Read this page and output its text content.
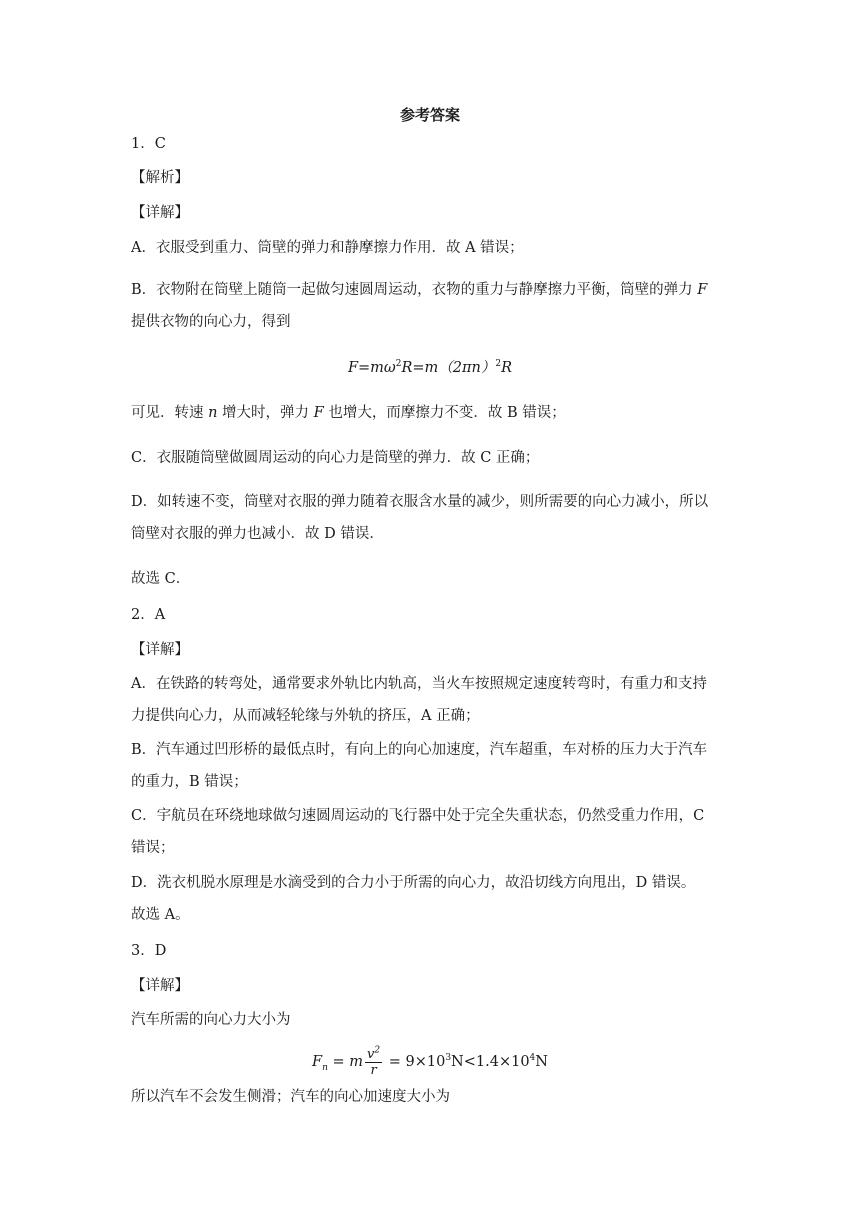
参考答案
1．C
【解析】
【详解】
A．衣服受到重力、筒壁的弹力和静摩擦力作用．故 A 错误；
B．衣物附在筒壁上随筒一起做匀速圆周运动，衣物的重力与静摩擦力平衡，筒壁的弹力 F
提供衣物的向心力，得到
$F=m\omega^2R=m(2\pi n)^2R$
可见．转速 n 增大时，弹力 F 也增大，而摩擦力不变．故 B 错误；
C．衣服随筒壁做圆周运动的向心力是筒壁的弹力．故 C 正确；
D．如转速不变，筒壁对衣服的弹力随着衣服含水量的减少，则所需要的向心力减小，所以
筒壁对衣服的弹力也减小．故 D 错误．
故选 C．
2．A
【详解】
A．在铁路的转弯处，通常要求外轨比内轨高，当火车按照规定速度转弯时，有重力和支持
力提供向心力，从而减轻轮缘与外轨的挤压，A 正确；
B．汽车通过凹形桥的最低点时，有向上的向心加速度，汽车超重，车对桥的压力大于汽车
的重力，B 错误；
C．宇航员在环绕地球做匀速圆周运动的飞行器中处于完全失重状态，仍然受重力作用，C
错误；
D．洗衣机脱水原理是水滴受到的合力小于所需的向心力，故沿切线方向甩出，D 错误。
故选 A。
3．D
【详解】
汽车所需的向心力大小为
$F_n = m \frac{v^2}{r} = 9\times 10^3N<1.4\times 10^4N$
所以汽车不会发生侧滑；汽车的向心加速度大小为
